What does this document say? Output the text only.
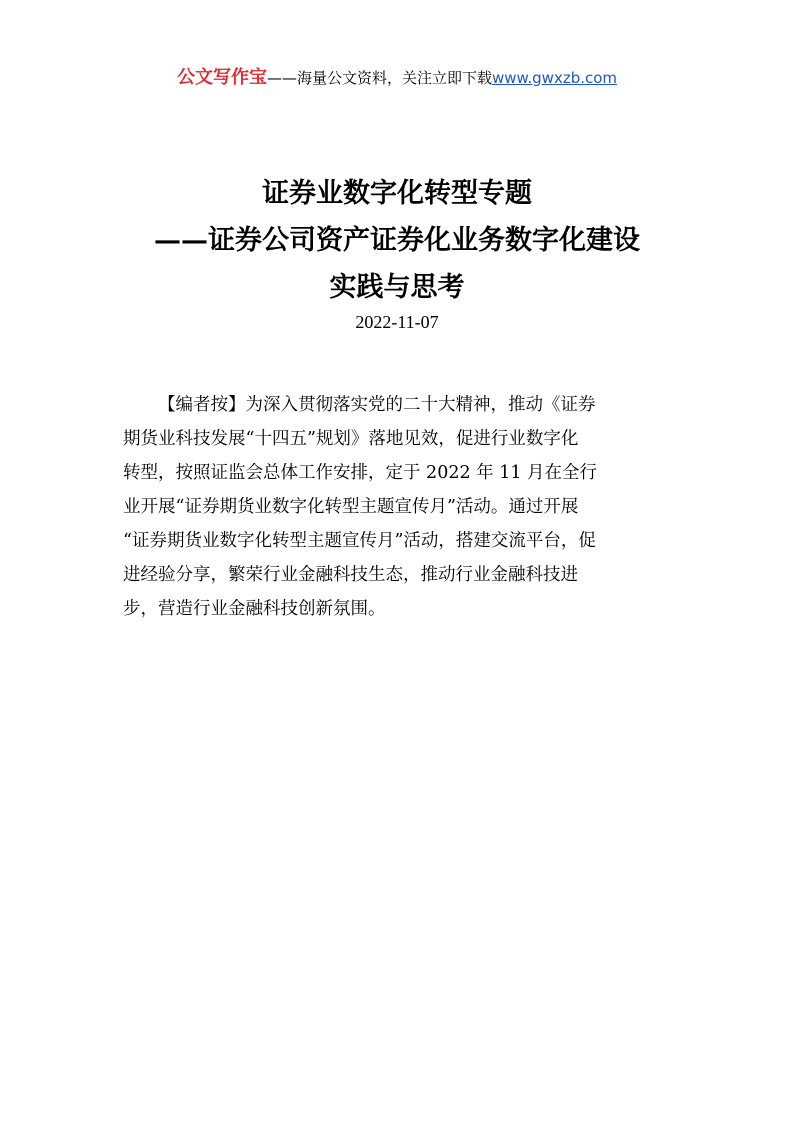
公文写作宝——海量公文资料，关注立即下载www.gwxzb.com
证券业数字化转型专题
——证券公司资产证券化业务数字化建设
实践与思考
2022-11-07
【编者按】为深入贯彻落实党的二十大精神，推动《证券
期货业科技发展“十四五”规划》落地见效，促进行业数字化
转型，按照证监会总体工作安排，定于 2022 年 11 月在全行
业开展“证券期货业数字化转型主题宣传月”活动。通过开展
“证券期货业数字化转型主题宣传月”活动，搭建交流平台，促
进经验分享，繁荣行业金融科技生态，推动行业金融科技进
步，营造行业金融科技创新氛围。
